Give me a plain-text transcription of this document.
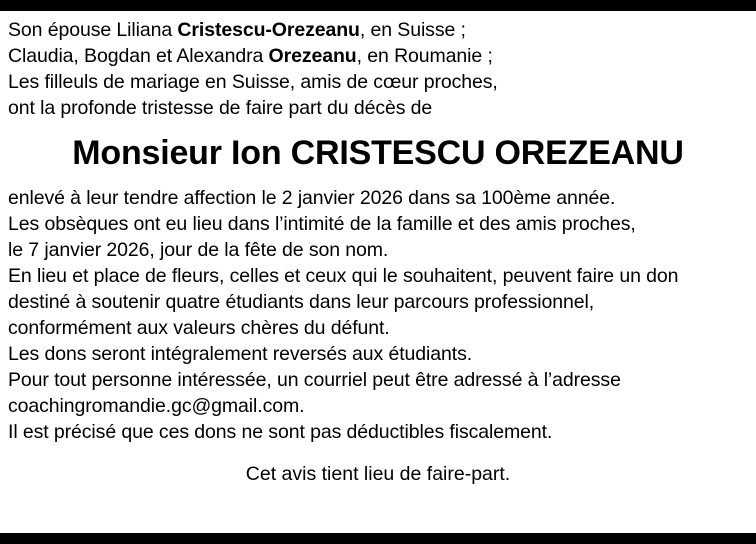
Son épouse Liliana Cristescu-Orezeanu, en Suisse ;
Claudia, Bogdan et Alexandra Orezeanu, en Roumanie ;
Les filleuls de mariage en Suisse, amis de cœur proches,
ont la profonde tristesse de faire part du décès de
Monsieur Ion CRISTESCU OREZEANU
enlevé à leur tendre affection le 2 janvier 2026 dans sa 100ème année.
Les obsèques ont eu lieu dans l’intimité de la famille et des amis proches,
le 7 janvier 2026, jour de la fête de son nom.
En lieu et place de fleurs, celles et ceux qui le souhaitent, peuvent faire un don
destiné à soutenir quatre étudiants dans leur parcours professionnel,
conformément aux valeurs chères du défunt.
Les dons seront intégralement reversés aux étudiants.
Pour tout personne intéressée, un courriel peut être adressé à l’adresse
coachingromandie.gc@gmail.com.
Il est précisé que ces dons ne sont pas déductibles fiscalement.
Cet avis tient lieu de faire-part.
